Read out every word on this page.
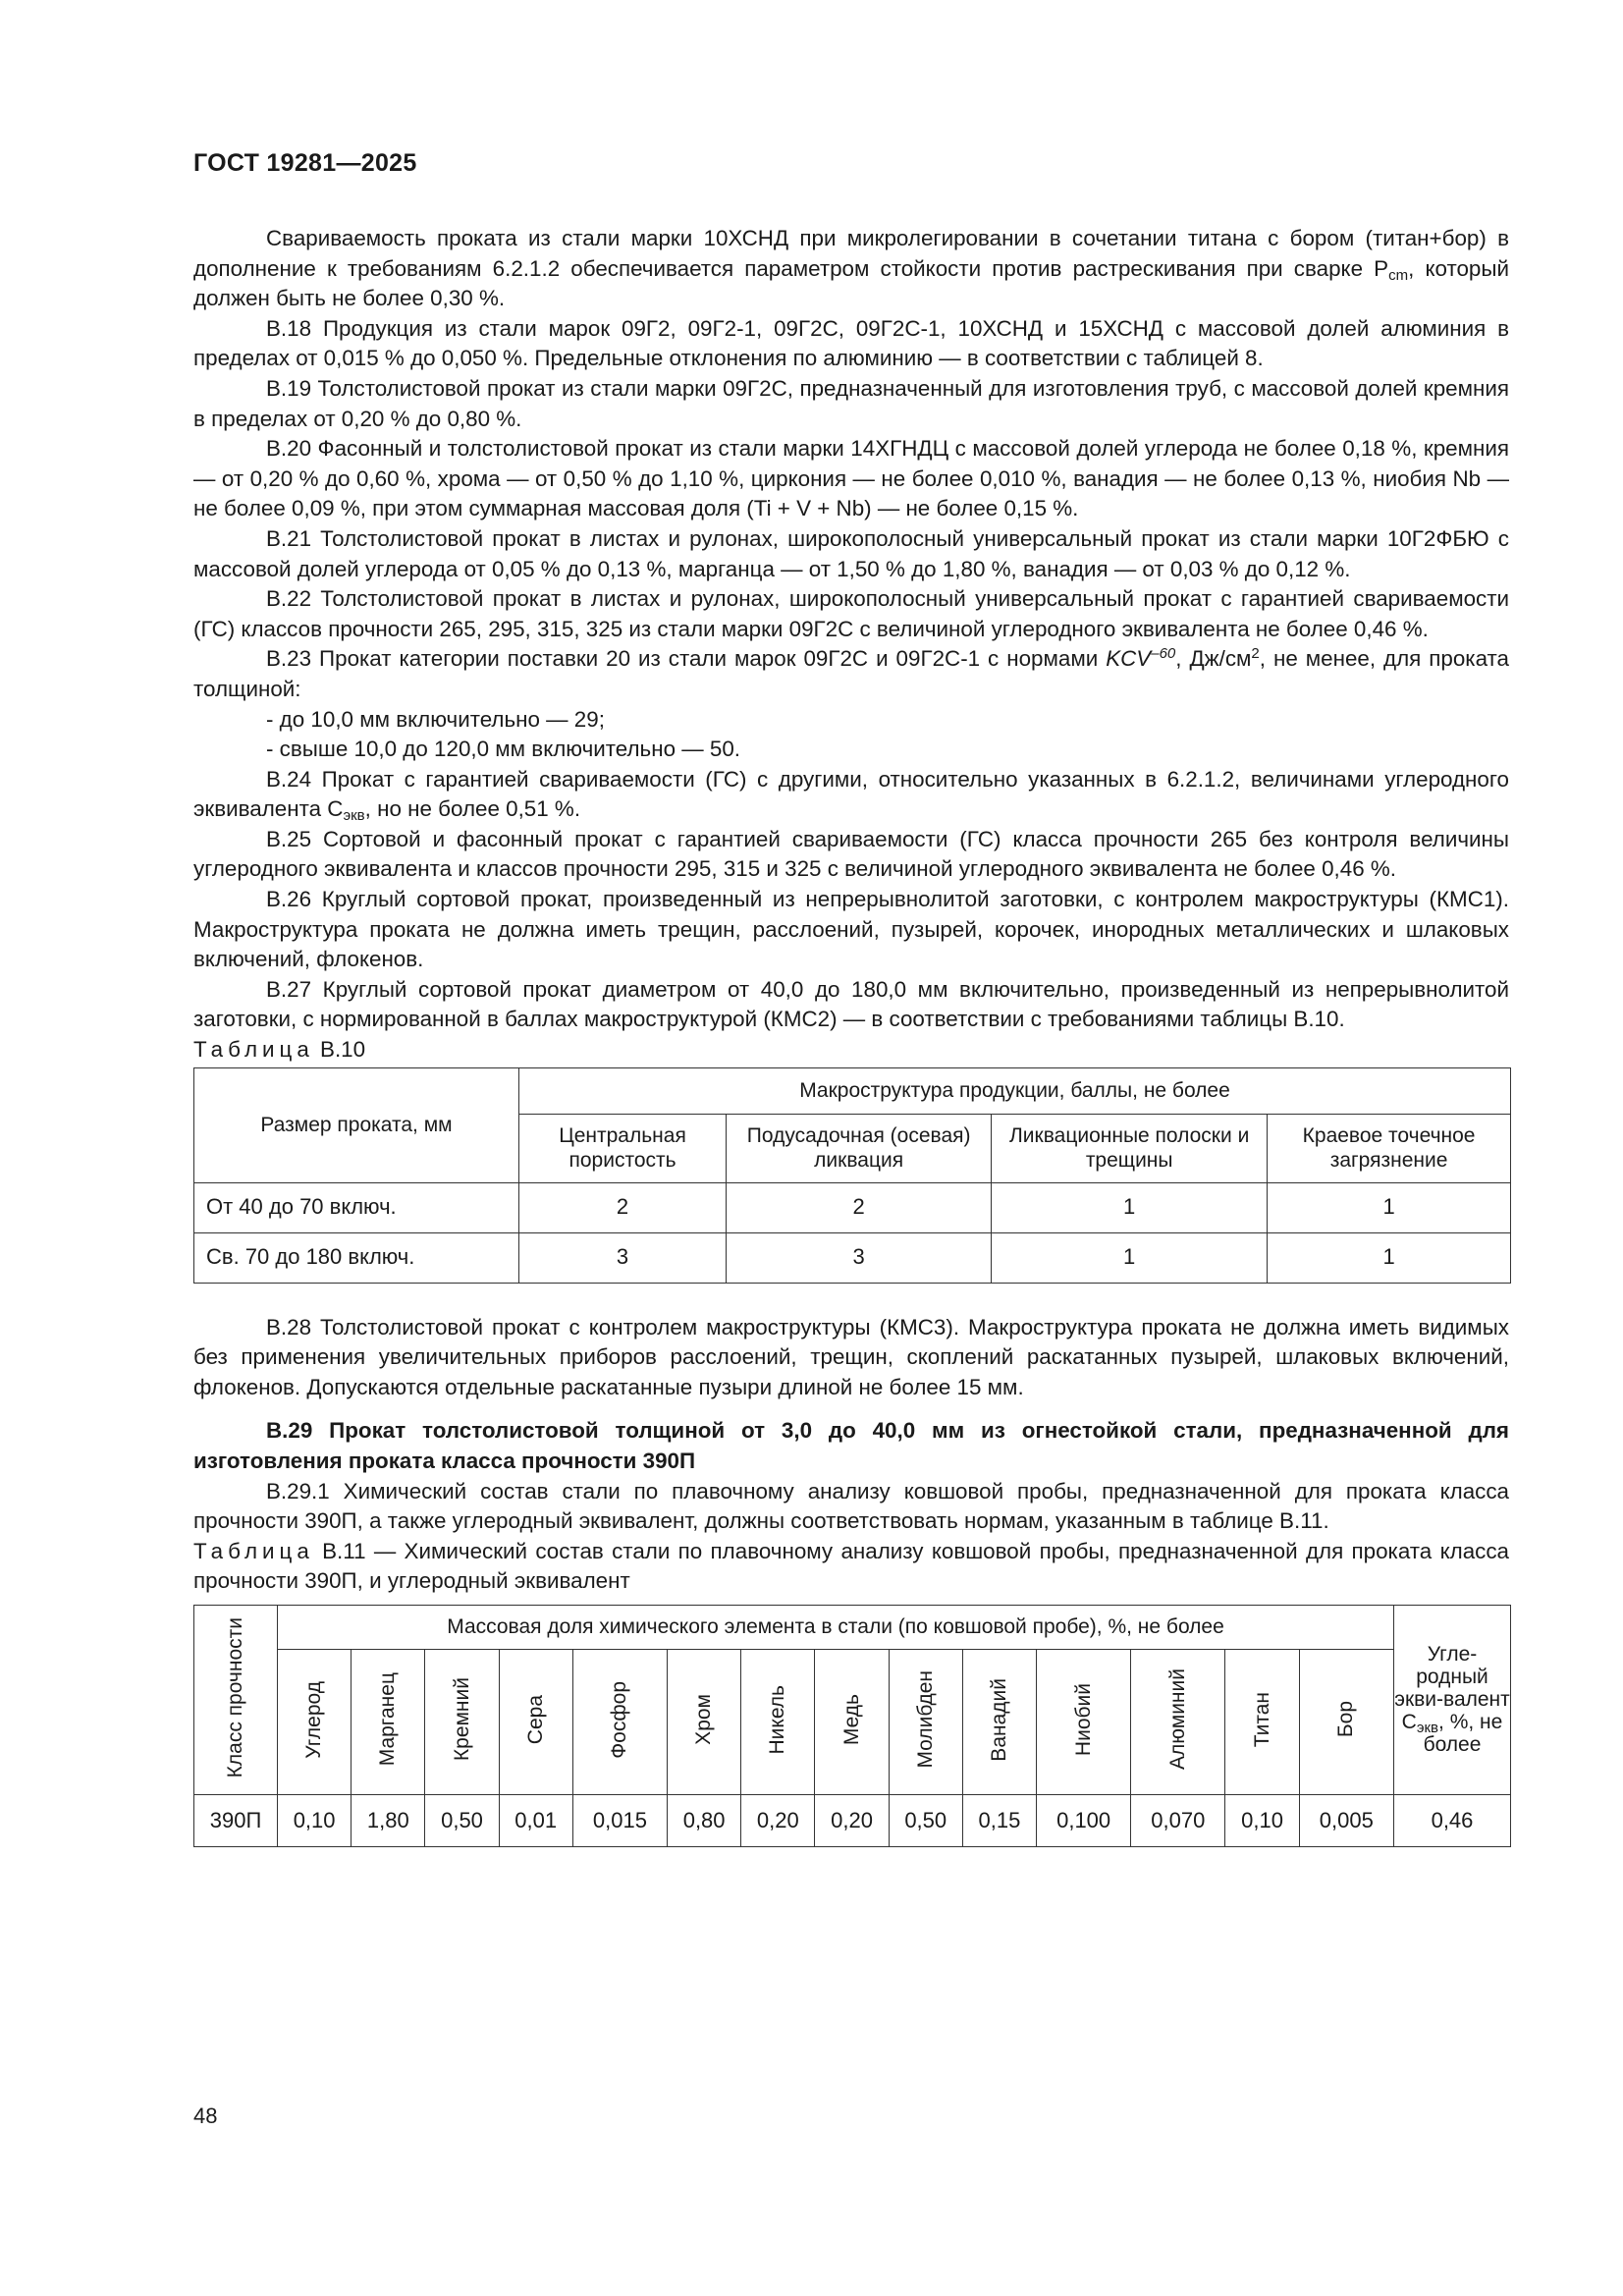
ГОСТ 19281—2025

Свариваемость проката из стали марки 10ХСНД при микролегировании в сочетании титана с бором (титан+бор) в дополнение к требованиям 6.2.1.2 обеспечивается параметром стойкости против растрескивания при сварке $P_{cm}$, который должен быть не более 0,30 %.

В.18 Продукция из стали марок 09Г2, 09Г2-1, 09Г2С, 09Г2С-1, 10ХСНД и 15ХСНД с массовой долей алюминия в пределах от 0,015 % до 0,050 %. Предельные отклонения по алюминию — в соответствии с таблицей 8.

В.19 Толстолистовой прокат из стали марки 09Г2С, предназначенный для изготовления труб, с массовой долей кремния в пределах от 0,20 % до 0,80 %.

В.20 Фасонный и толстолистовой прокат из стали марки 14ХГНДЦ с массовой долей углерода не более 0,18 %, кремния — от 0,20 % до 0,60 %, хрома — от 0,50 % до 1,10 %, циркония — не более 0,010 %, ванадия — не более 0,13 %, ниобия Nb — не более 0,09 %, при этом суммарная массовая доля (Ti + V + Nb) — не более 0,15 %.

В.21 Толстолистовой прокат в листах и рулонах, широкополосный универсальный прокат из стали марки 10Г2ФБЮ с массовой долей углерода от 0,05 % до 0,13 %, марганца — от 1,50 % до 1,80 %, ванадия — от 0,03 % до 0,12 %.

В.22 Толстолистовой прокат в листах и рулонах, широкополосный универсальный прокат с гарантией свариваемости (ГС) классов прочности 265, 295, 315, 325 из стали марки 09Г2С с величиной углеродного эквивалента не более 0,46 %.

В.23 Прокат категории поставки 20 из стали марок 09Г2С и 09Г2С-1 с нормами $KCV^{-60}$, $Дж/см^2$, не менее, для проката толщиной:

- до 10,0 мм включительно — 29;

- свыше 10,0 до 120,0 мм включительно — 50.

В.24 Прокат с гарантией свариваемости (ГС) с другими, относительно указанных в 6.2.1.2, величинами углеродного эквивалента $С_{экв}$, но не более 0,51 %.

В.25 Сортовой и фасонный прокат с гарантией свариваемости (ГС) класса прочности 265 без контроля величины углеродного эквивалента и классов прочности 295, 315 и 325 с величиной углеродного эквивалента не более 0,46 %.

В.26 Круглый сортовой прокат, произведенный из непрерывнолитой заготовки, с контролем макроструктуры (КМС1). Макроструктура проката не должна иметь трещин, расслоений, пузырей, корочек, инородных металлических и шлаковых включений, флокенов.

В.27 Круглый сортовой прокат диаметром от 40,0 до 180,0 мм включительно, произведенный из непрерывнолитой заготовки, с нормированной в баллах макроструктурой (КМС2) — в соответствии с требованиями таблицы В.10.

Таблица В.10

Размер проката, мм	Макроструктура продукции, баллы, не более			
	Центральная пористость	Подусадочная (осевая) ликвация	Ликвационные полоски и трещины	Краевое точечное загрязнение
От 40 до 70 включ.	2	2	1	1
Св. 70 до 180 включ.	3	3	1	1

В.28 Толстолистовой прокат с контролем макроструктуры (КМС3). Макроструктура проката не должна иметь видимых без применения увеличительных приборов расслоений, трещин, скоплений раскатанных пузырей, шлаковых включений, флокенов. Допускаются отдельные раскатанные пузыри длиной не более 15 мм.

В.29 Прокат толстолистовой толщиной от 3,0 до 40,0 мм из огнестойкой стали, предназначенной для изготовления проката класса прочности 390П

В.29.1 Химический состав стали по плавочному анализу ковшовой пробы, предназначенной для проката класса прочности 390П, а также углеродный эквивалент, должны соответствовать нормам, указанным в таблице В.11.

Таблица В.11 — Химический состав стали по плавочному анализу ковшовой пробы, предназначенной для проката класса прочности 390П, и углеродный эквивалент

Класс прочности	Массовая доля химического элемента в стали (по ковшовой пробе), %, не более														Угле-родный экви-валент $С_{экв}$, %, не более
	Углерод	Марганец	Кремний	Сера	Фосфор	Хром	Никель	Медь	Молибден	Ванадий	Ниобий	Алюминий	Титан	Бор	
390П	0,10	1,80	0,50	0,01	0,015	0,80	0,20	0,20	0,50	0,15	0,100	0,070	0,10	0,005	0,46
48
